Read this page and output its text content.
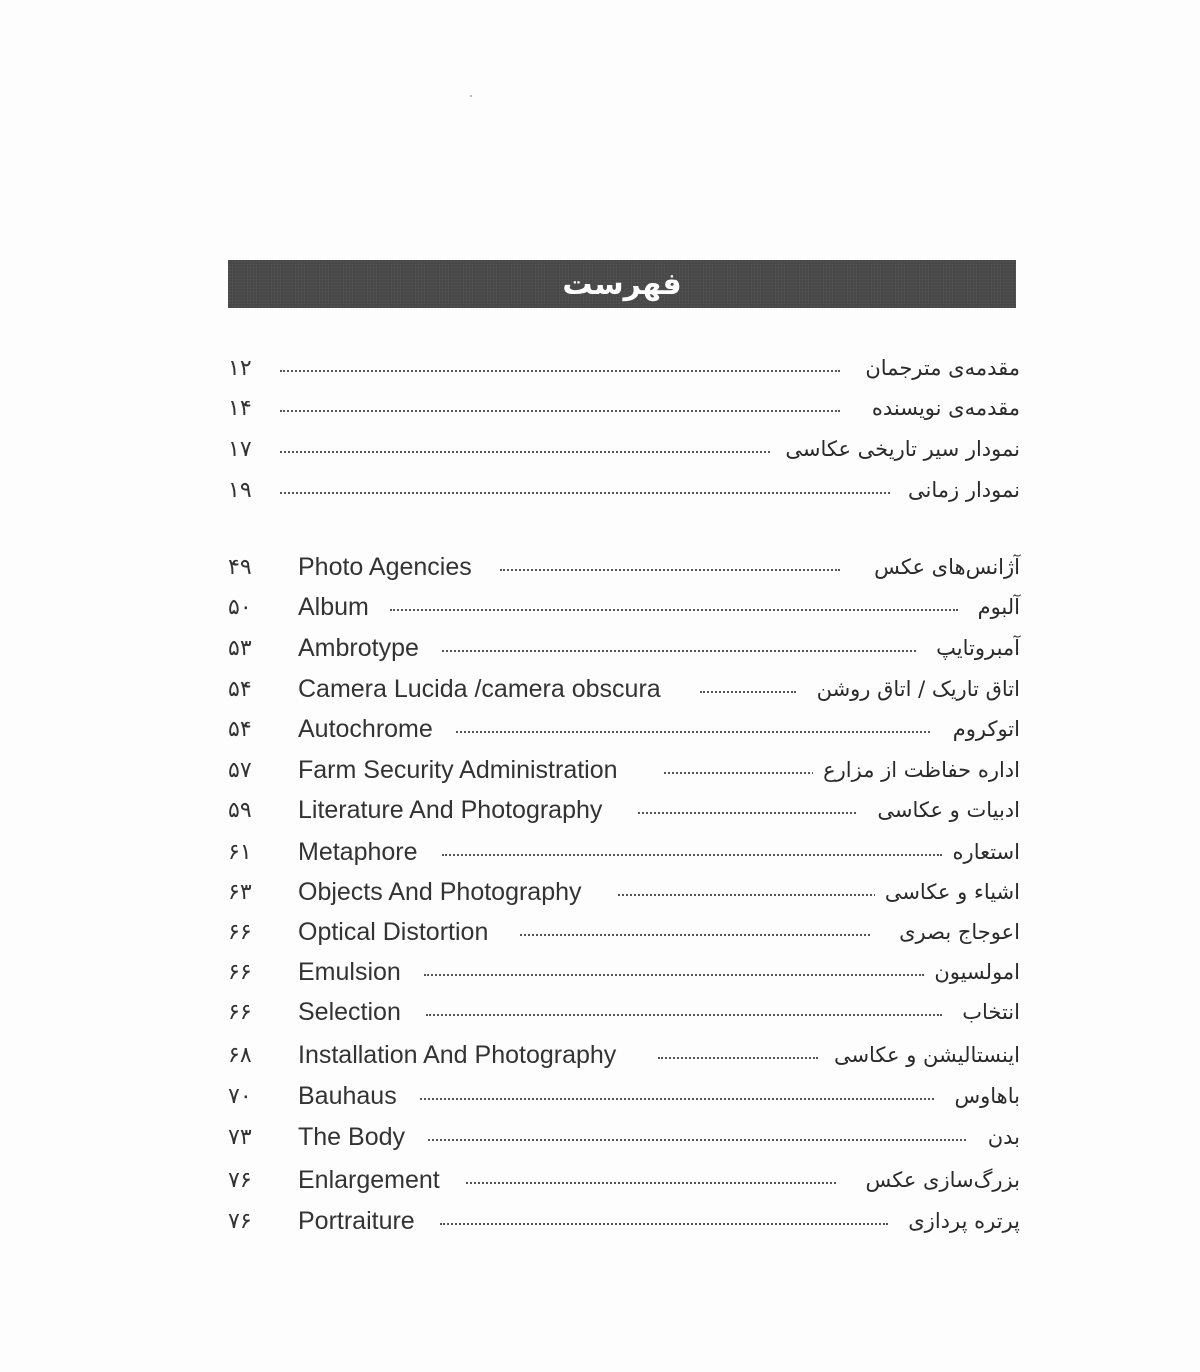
فهرست
۱۲	مقدمه‌ی مترجمان
۱۴	مقدمه‌ی نویسنده
۱۷	نمودار سیر تاریخی عکاسی
۱۹	نمودار زمانی
۴۹	Photo Agencies	آژانس‌های عکس
۵۰	Album	آلبوم
۵۳	Ambrotype	آمبروتایپ
۵۴	Camera Lucida /camera obscura	اتاق تاریک / اتاق روشن
۵۴	Autochrome	اتوکروم
۵۷	Farm Security Administration	اداره حفاظت از مزارع
۵۹	Literature And Photography	ادبیات و عکاسی
۶۱	Metaphore	استعاره
۶۳	Objects And Photography	اشیاء و عکاسی
۶۶	Optical Distortion	اعوجاج بصری
۶۶	Emulsion	امولسیون
۶۶	Selection	انتخاب
۶۸	Installation And Photography	اینستالیشن و عکاسی
۷۰	Bauhaus	باهاوس
۷۳	The Body	بدن
۷۶	Enlargement	بزرگ‌سازی عکس
۷۶	Portraiture	پرتره پردازی
